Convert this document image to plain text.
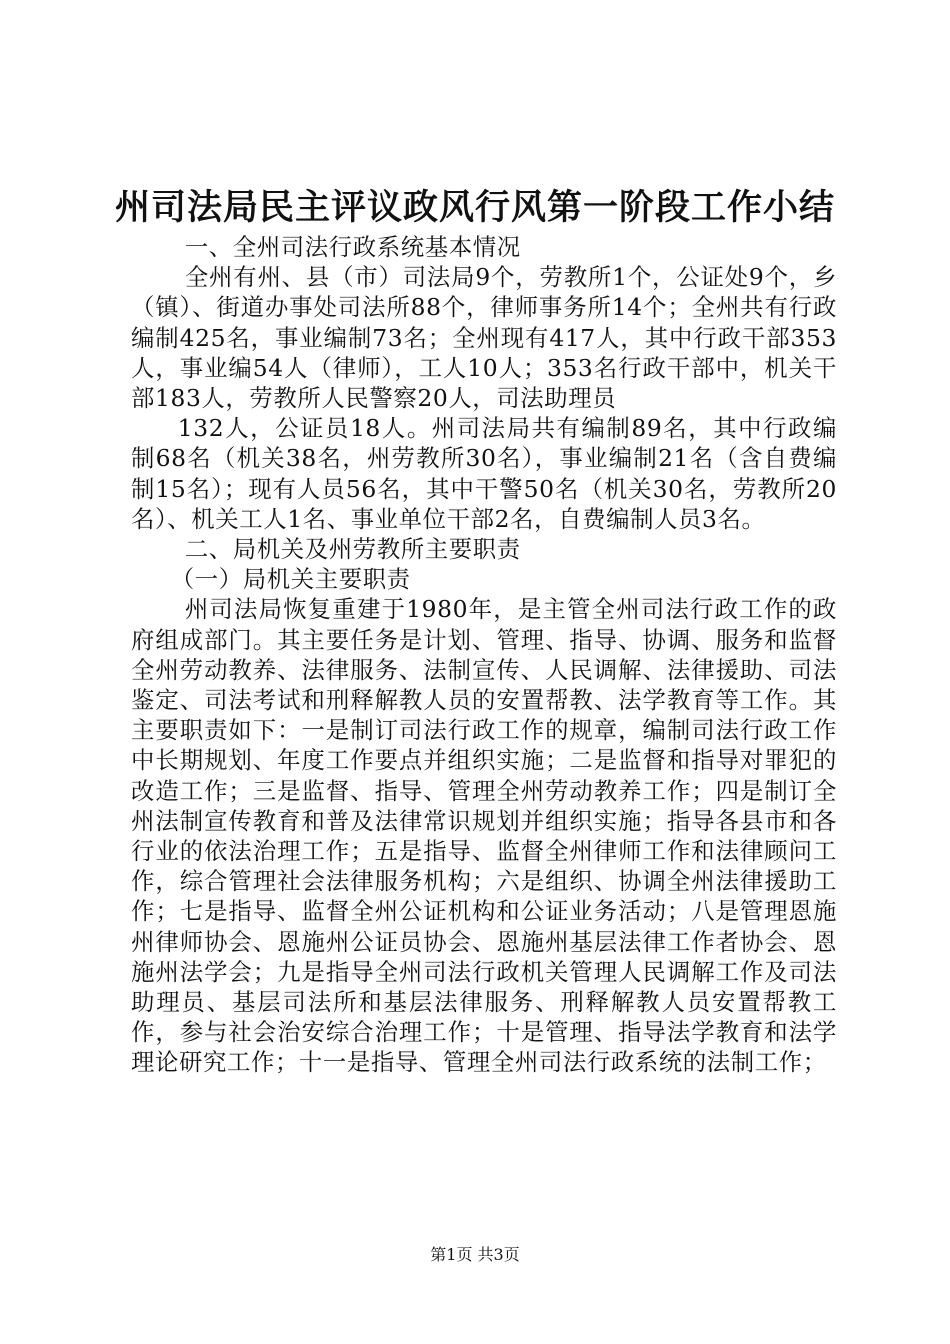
州司法局民主评议政风行风第一阶段工作小结

一、全州司法行政系统基本情况

全州有州、县（市）司法局9个，劳教所1个，公证处9个，乡（镇）、街道办事处司法所88个，律师事务所14个；全州共有行政编制425名，事业编制73名；全州现有417人，其中行政干部353人，事业编54人（律师），工人10人；353名行政干部中，机关干部183人，劳教所人民警察20人，司法助理员

132人，公证员18人。州司法局共有编制89名，其中行政编制68名（机关38名，州劳教所30名），事业编制21名（含自费编制15名）；现有人员56名，其中干警50名（机关30名，劳教所20名）、机关工人1名、事业单位干部2名，自费编制人员3名。

二、局机关及州劳教所主要职责

（一）局机关主要职责

州司法局恢复重建于1980年，是主管全州司法行政工作的政府组成部门。其主要任务是计划、管理、指导、协调、服务和监督全州劳动教养、法律服务、法制宣传、人民调解、法律援助、司法鉴定、司法考试和刑释解教人员的安置帮教、法学教育等工作。其主要职责如下：一是制订司法行政工作的规章，编制司法行政工作中长期规划、年度工作要点并组织实施；二是监督和指导对罪犯的改造工作；三是监督、指导、管理全州劳动教养工作；四是制订全州法制宣传教育和普及法律常识规划并组织实施；指导各县市和各行业的依法治理工作；五是指导、监督全州律师工作和法律顾问工作，综合管理社会法律服务机构；六是组织、协调全州法律援助工作；七是指导、监督全州公证机构和公证业务活动；八是管理恩施州律师协会、恩施州公证员协会、恩施州基层法律工作者协会、恩施州法学会；九是指导全州司法行政机关管理人民调解工作及司法助理员、基层司法所和基层法律服务、刑释解教人员安置帮教工作，参与社会治安综合治理工作；十是管理、指导法学教育和法学理论研究工作；十一是指导、管理全州司法行政系统的法制工作；

第1页 共3页
